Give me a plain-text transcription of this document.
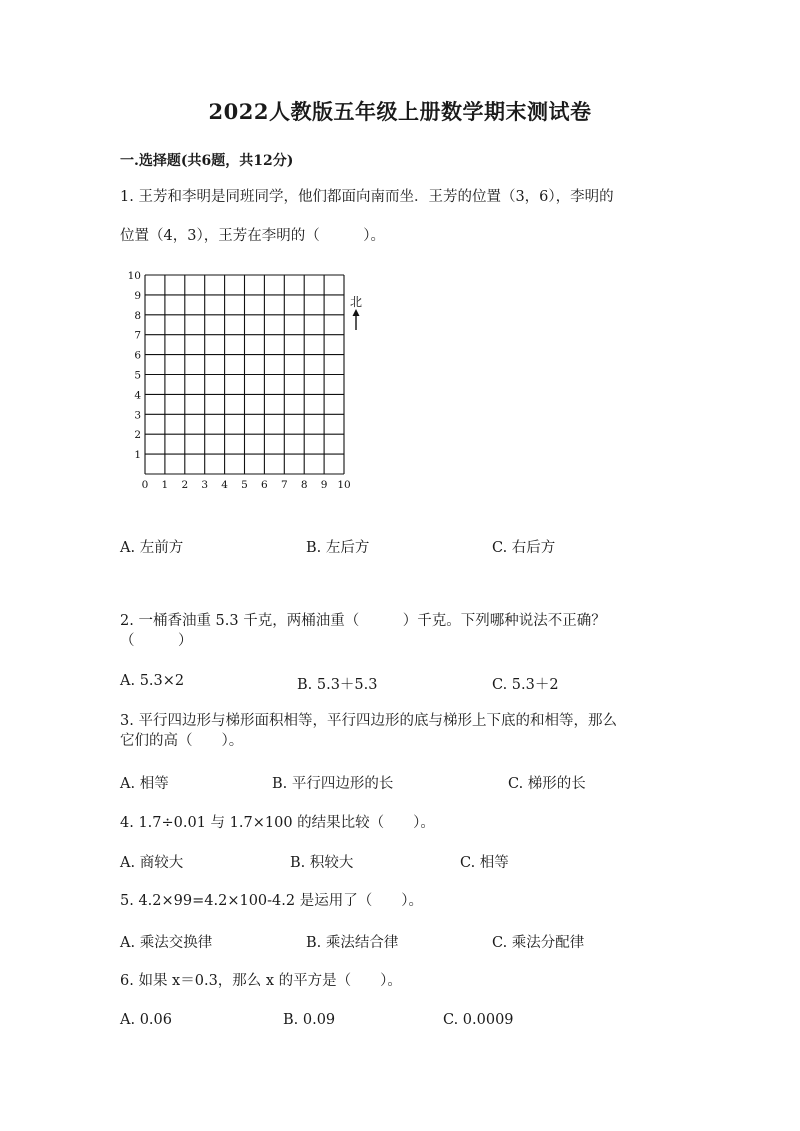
2022人教版五年级上册数学期末测试卷
一.选择题(共6题，共12分)
1. 王芳和李明是同班同学，他们都面向南而坐．王芳的位置（3，6），李明的
位置（4，3），王芳在李明的（　　　）。
0 1 2 3 4 5 6 7 8 9 10
1
2
3
4
5
6
7
8
9
10
北
A. 左前方	B. 左后方	C. 右后方
2. 一桶香油重 5.3 千克，两桶油重（　　　）千克。下列哪种说法不正确？
（　　　）
A. 5.3×2	B. 5.3＋5.3	C. 5.3＋2
3. 平行四边形与梯形面积相等，平行四边形的底与梯形上下底的和相等，那么
它们的高（　　）。
A. 相等	B. 平行四边形的长	C. 梯形的长
4. 1.7÷0.01 与 1.7×100 的结果比较（　　）。
A. 商较大	B. 积较大	C. 相等
5. 4.2×99=4.2×100-4.2 是运用了（　　）。
A. 乘法交换律	B. 乘法结合律	C. 乘法分配律
6. 如果 x＝0.3，那么 x 的平方是（　　）。
A. 0.06	B. 0.09	C. 0.0009
